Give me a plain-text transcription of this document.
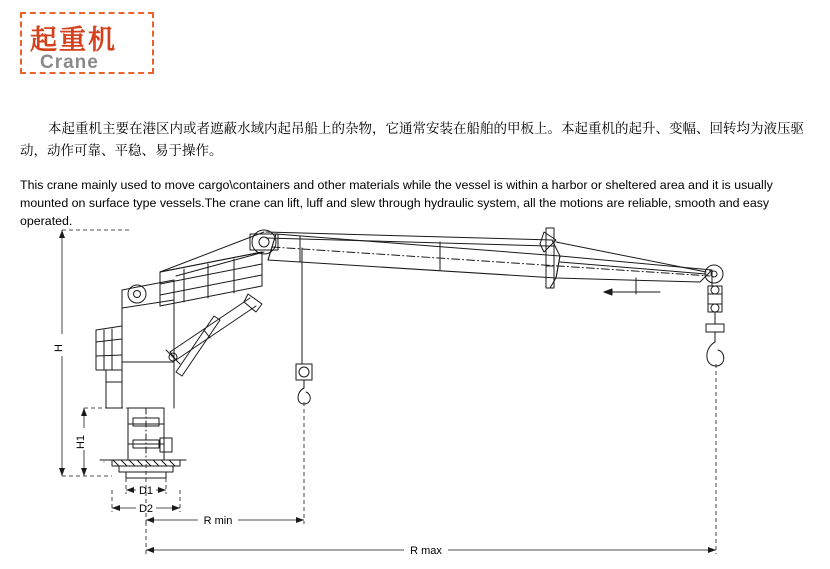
起重机
Crane
本起重机主要在港区内或者遮蔽水域内起吊船上的杂物，它通常安装在船舶的甲板上。本起重机的起升、变幅、回转均为液压驱动，动作可靠、平稳、易于操作。
This crane mainly used to move cargo\containers and other materials while the vessel is within a harbor or sheltered area and it is usually mounted on surface type vessels.The crane can lift, luff and slew through hydraulic system, all the motions are reliable, smooth and easy operated.
H
H1
D1
D2
R min
R max
